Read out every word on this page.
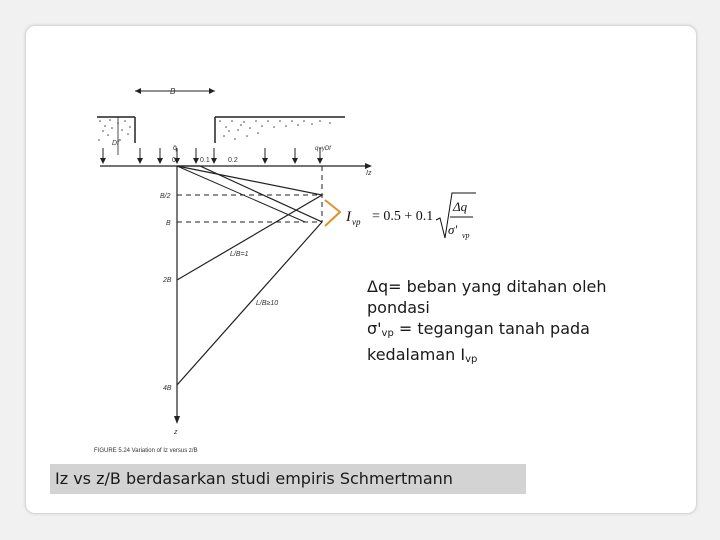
B
Df
q̄	q=γDf
Iz
0	0.1	0.2
z
B/2
B
2B
4B
L/B=1
L/B≥10
I vp = 0.5 + 0.1
Δq
σ' vp
FIGURE 5.24 Variation of Iz versus z/B
Δq= beban yang ditahan oleh
pondasi
$\sigma'_{vp}$ = tegangan tanah pada
kedalaman $I_{vp}$
Iz vs z/B berdasarkan studi empiris Schmertmann
